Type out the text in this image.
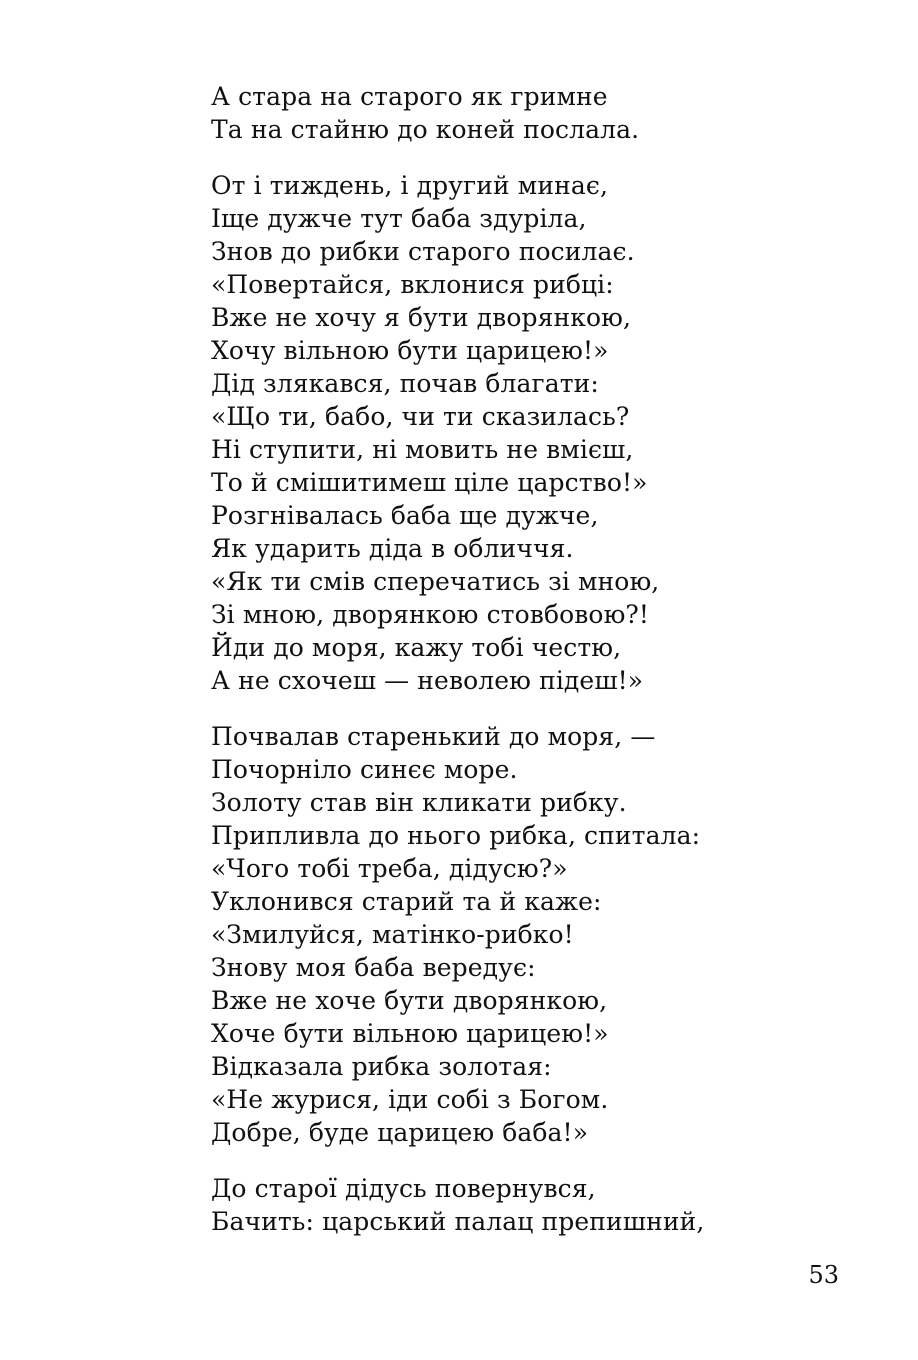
А стара на старого як гримне
Та на стайню до коней послала.
От і тиждень, і другий минає,
Іще дужче тут баба здуріла,
Знов до рибки старого посилає.
«Повертайся, вклонися рибці:
Вже не хочу я бути дворянкою,
Хочу вільною бути царицею!»
Дід злякався, почав благати:
«Що ти, бабо, чи ти сказилась?
Ні ступити, ні мовить не вмієш,
То й смішитимеш ціле царство!»
Розгнівалась баба ще дужче,
Як ударить діда в обличчя.
«Як ти смів сперечатись зі мною,
Зі мною, дворянкою стовбовою?!
Йди до моря, кажу тобі честю,
А не схочеш — неволею підеш!»
Почвалав старенький до моря, —
Почорніло синєє море.
Золоту став він кликати рибку.
Припливла до нього рибка, спитала:
«Чого тобі треба, дідусю?»
Уклонився старий та й каже:
«Змилуйся, матінко-рибко!
Знову моя баба вередує:
Вже не хоче бути дворянкою,
Хоче бути вільною царицею!»
Відказала рибка золотая:
«Не журися, іди собі з Богом.
Добре, буде царицею баба!»
До старої дідусь повернувся,
Бачить: царський палац препишний,
53
